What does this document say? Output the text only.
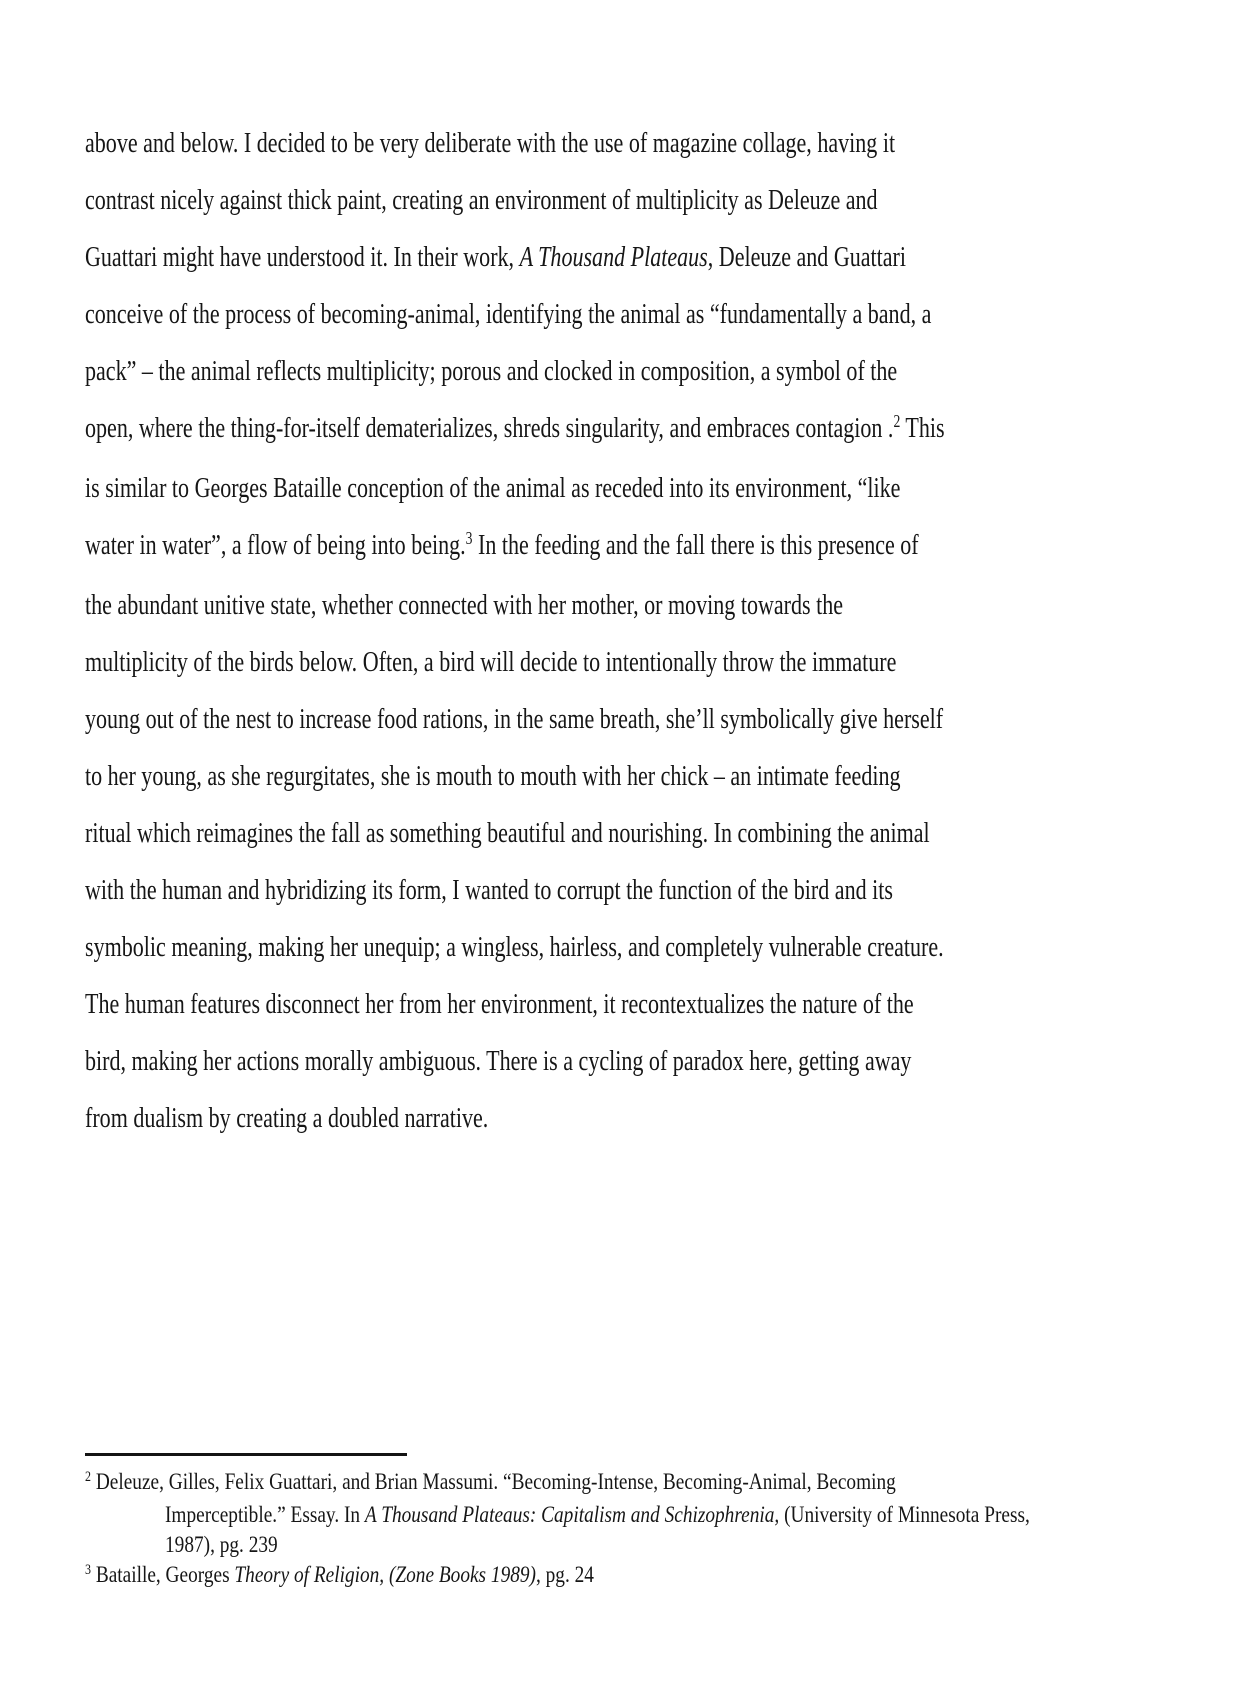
above and below. I decided to be very deliberate with the use of magazine collage, having it
contrast nicely against thick paint, creating an environment of multiplicity as Deleuze and
Guattari might have understood it. In their work, A Thousand Plateaus, Deleuze and Guattari
conceive of the process of becoming-animal, identifying the animal as “fundamentally a band, a
pack” – the animal reflects multiplicity; porous and clocked in composition, a symbol of the
open, where the thing-for-itself dematerializes, shreds singularity, and embraces contagion .$^2$ This
is similar to Georges Bataille conception of the animal as receded into its environment, “like
water in water”, a flow of being into being.$^3$ In the feeding and the fall there is this presence of
the abundant unitive state, whether connected with her mother, or moving towards the
multiplicity of the birds below. Often, a bird will decide to intentionally throw the immature
young out of the nest to increase food rations, in the same breath, she’ll symbolically give herself
to her young, as she regurgitates, she is mouth to mouth with her chick – an intimate feeding
ritual which reimagines the fall as something beautiful and nourishing. In combining the animal
with the human and hybridizing its form, I wanted to corrupt the function of the bird and its
symbolic meaning, making her unequip; a wingless, hairless, and completely vulnerable creature.
The human features disconnect her from her environment, it recontextualizes the nature of the
bird, making her actions morally ambiguous. There is a cycling of paradox here, getting away
from dualism by creating a doubled narrative.
$^2$ Deleuze, Gilles, Felix Guattari, and Brian Massumi. “Becoming-Intense, Becoming-Animal, Becoming
Imperceptible.” Essay. In A Thousand Plateaus: Capitalism and Schizophrenia, (University of Minnesota Press,
1987), pg. 239
$^3$ Bataille, Georges Theory of Religion, (Zone Books 1989), pg. 24
